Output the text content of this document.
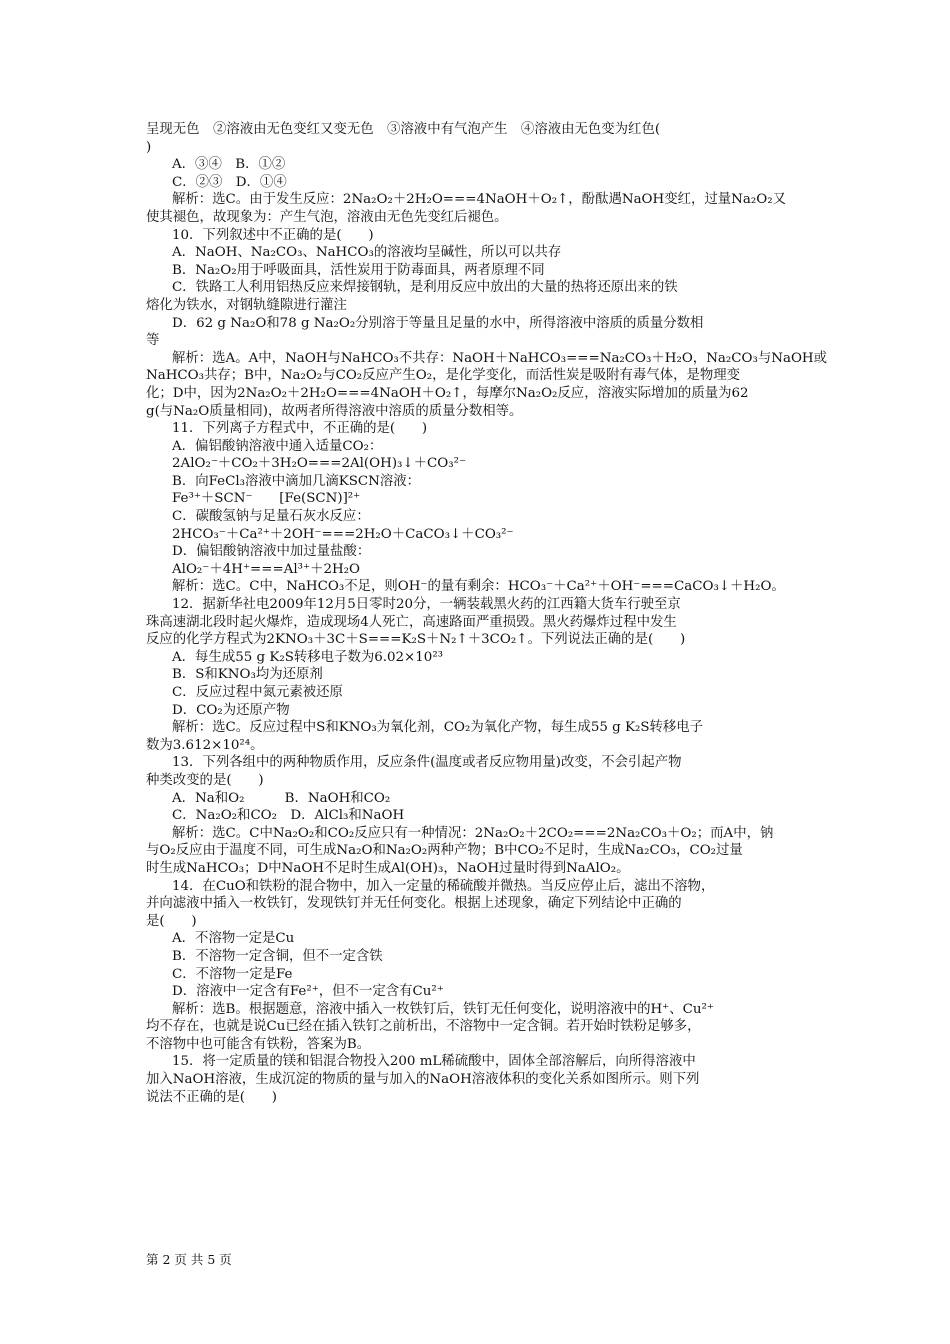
呈现无色　②溶液由无色变红又变无色　③溶液中有气泡产生　④溶液由无色变为红色(

)

A．③④　B．①②

C．②③　D．①④

解析：选C。由于发生反应：2Na₂O₂＋2H₂O===4NaOH＋O₂↑，酚酞遇NaOH变红，过量Na₂O₂又

使其褪色，故现象为：产生气泡，溶液由无色先变红后褪色。

10．下列叙述中不正确的是(　　)

A．NaOH、Na₂CO₃、NaHCO₃的溶液均呈碱性，所以可以共存

B．Na₂O₂用于呼吸面具，活性炭用于防毒面具，两者原理不同

C．铁路工人利用铝热反应来焊接钢轨，是利用反应中放出的大量的热将还原出来的铁

熔化为铁水，对钢轨缝隙进行灌注

D．62 g Na₂O和78 g Na₂O₂分别溶于等量且足量的水中，所得溶液中溶质的质量分数相

等

解析：选A。A中，NaOH与NaHCO₃不共存：NaOH＋NaHCO₃===Na₂CO₃＋H₂O，Na₂CO₃与NaOH或

NaHCO₃共存；B中，Na₂O₂与CO₂反应产生O₂，是化学变化，而活性炭是吸附有毒气体，是物理变

化；D中，因为2Na₂O₂＋2H₂O===4NaOH＋O₂↑，每摩尔Na₂O₂反应，溶液实际增加的质量为62

g(与Na₂O质量相同)，故两者所得溶液中溶质的质量分数相等。

11．下列离子方程式中，不正确的是(　　)

A．偏铝酸钠溶液中通入适量CO₂：

2AlO₂⁻＋CO₂＋3H₂O===2Al(OH)₃↓＋CO₃²⁻

B．向FeCl₃溶液中滴加几滴KSCN溶液：

Fe³⁺＋SCN⁻　　[Fe(SCN)]²⁺

C．碳酸氢钠与足量石灰水反应：

2HCO₃⁻＋Ca²⁺＋2OH⁻===2H₂O＋CaCO₃↓＋CO₃²⁻

D．偏铝酸钠溶液中加过量盐酸：

AlO₂⁻＋4H⁺===Al³⁺＋2H₂O

解析：选C。C中，NaHCO₃不足，则OH⁻的量有剩余：HCO₃⁻＋Ca²⁺＋OH⁻===CaCO₃↓＋H₂O。

12．据新华社电2009年12月5日零时20分，一辆装载黑火药的江西籍大货车行驶至京

珠高速湖北段时起火爆炸，造成现场4人死亡，高速路面严重损毁。黑火药爆炸过程中发生

反应的化学方程式为2KNO₃＋3C＋S===K₂S＋N₂↑＋3CO₂↑。下列说法正确的是(　　)

A．每生成55 g K₂S转移电子数为6.02×10²³

B．S和KNO₃均为还原剂

C．反应过程中氮元素被还原

D．CO₂为还原产物

解析：选C。反应过程中S和KNO₃为氧化剂，CO₂为氧化产物，每生成55 g K₂S转移电子

数为3.612×10²⁴。

13．下列各组中的两种物质作用，反应条件(温度或者反应物用量)改变，不会引起产物

种类改变的是(　　)

A．Na和O₂　　　B．NaOH和CO₂

C．Na₂O₂和CO₂　D．AlCl₃和NaOH

解析：选C。C中Na₂O₂和CO₂反应只有一种情况：2Na₂O₂＋2CO₂===2Na₂CO₃＋O₂；而A中，钠

与O₂反应由于温度不同，可生成Na₂O和Na₂O₂两种产物；B中CO₂不足时，生成Na₂CO₃，CO₂过量

时生成NaHCO₃；D中NaOH不足时生成Al(OH)₃，NaOH过量时得到NaAlO₂。

14．在CuO和铁粉的混合物中，加入一定量的稀硫酸并微热。当反应停止后，滤出不溶物，

并向滤液中插入一枚铁钉，发现铁钉并无任何变化。根据上述现象，确定下列结论中正确的

是(　　)

A．不溶物一定是Cu

B．不溶物一定含铜，但不一定含铁

C．不溶物一定是Fe

D．溶液中一定含有Fe²⁺，但不一定含有Cu²⁺

解析：选B。根据题意，溶液中插入一枚铁钉后，铁钉无任何变化，说明溶液中的H⁺、Cu²⁺

均不存在，也就是说Cu已经在插入铁钉之前析出，不溶物中一定含铜。若开始时铁粉足够多，

不溶物中也可能含有铁粉，答案为B。

15．将一定质量的镁和铝混合物投入200 mL稀硫酸中，固体全部溶解后，向所得溶液中

加入NaOH溶液，生成沉淀的物质的量与加入的NaOH溶液体积的变化关系如图所示。则下列

说法不正确的是(　　)

第 2 页 共 5 页
